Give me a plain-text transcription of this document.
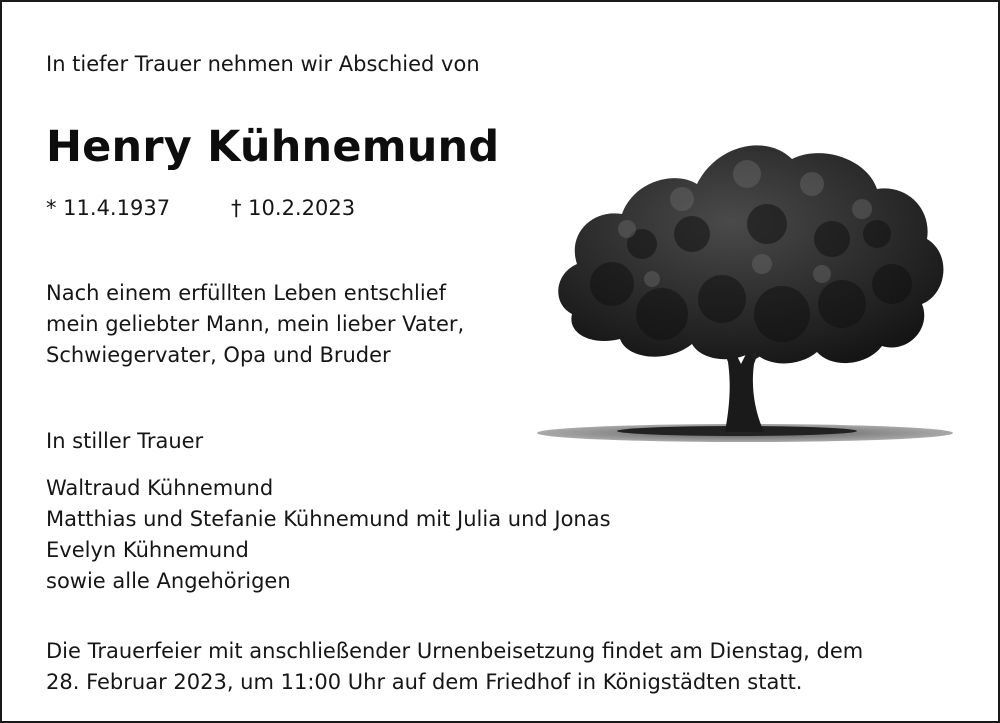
In tiefer Trauer nehmen wir Abschied von

Henry Kühnemund

* 11.4.1937	† 10.2.2023

Nach einem erfüllten Leben entschlief
mein geliebter Mann, mein lieber Vater,
Schwiegervater, Opa und Bruder

In stiller Trauer

Waltraud Kühnemund
Matthias und Stefanie Kühnemund mit Julia und Jonas
Evelyn Kühnemund
sowie alle Angehörigen

Die Trauerfeier mit anschließender Urnenbeisetzung findet am Dienstag, dem
28. Februar 2023, um 11:00 Uhr auf dem Friedhof in Königstädten statt.
